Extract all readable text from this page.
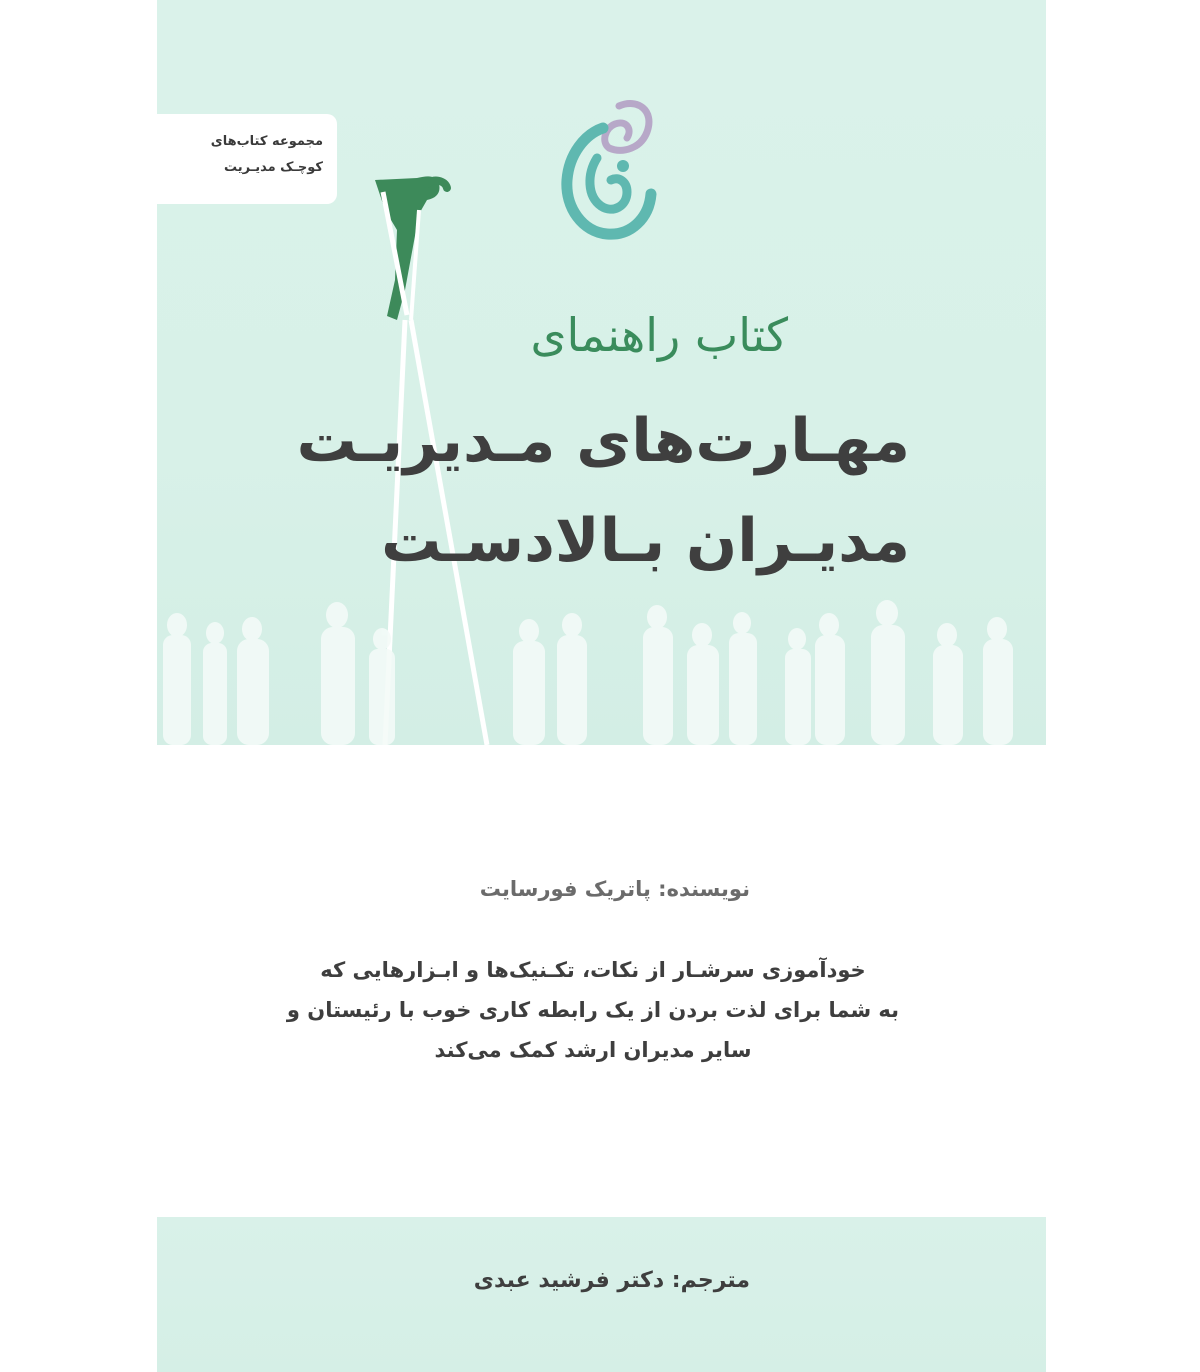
مجموعه کتاب‌های
کوچـک مدیـریت
کتاب راهنمای
مهـارت‌های مـدیریـت
مدیـران بـالادسـت
نویسنده: پاتریک فورسایت
خودآموزی سرشـار از نکات، تکـنیک‌ها و ابـزارهایی که
به شما برای لذت بردن از یک رابطه کاری خوب با رئیستان و
سایر مدیران ارشد کمک می‌کند
مترجم: دکتر فرشید عبدی
